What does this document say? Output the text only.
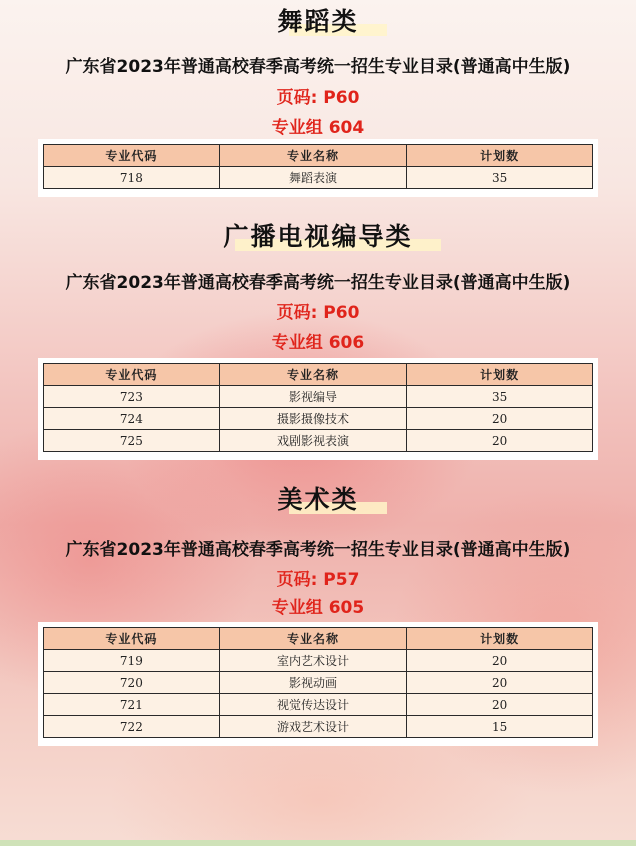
舞蹈类
广东省2023年普通高校春季高考统一招生专业目录(普通高中生版)
页码: P60
专业组 604
专业代码	专业名称	计划数
718	舞蹈表演	35
广播电视编导类
广东省2023年普通高校春季高考统一招生专业目录(普通高中生版)
页码: P60
专业组 606
专业代码	专业名称	计划数
723	影视编导	35
724	摄影摄像技术	20
725	戏剧影视表演	20
美术类
广东省2023年普通高校春季高考统一招生专业目录(普通高中生版)
页码: P57
专业组 605
专业代码	专业名称	计划数
719	室内艺术设计	20
720	影视动画	20
721	视觉传达设计	20
722	游戏艺术设计	15
